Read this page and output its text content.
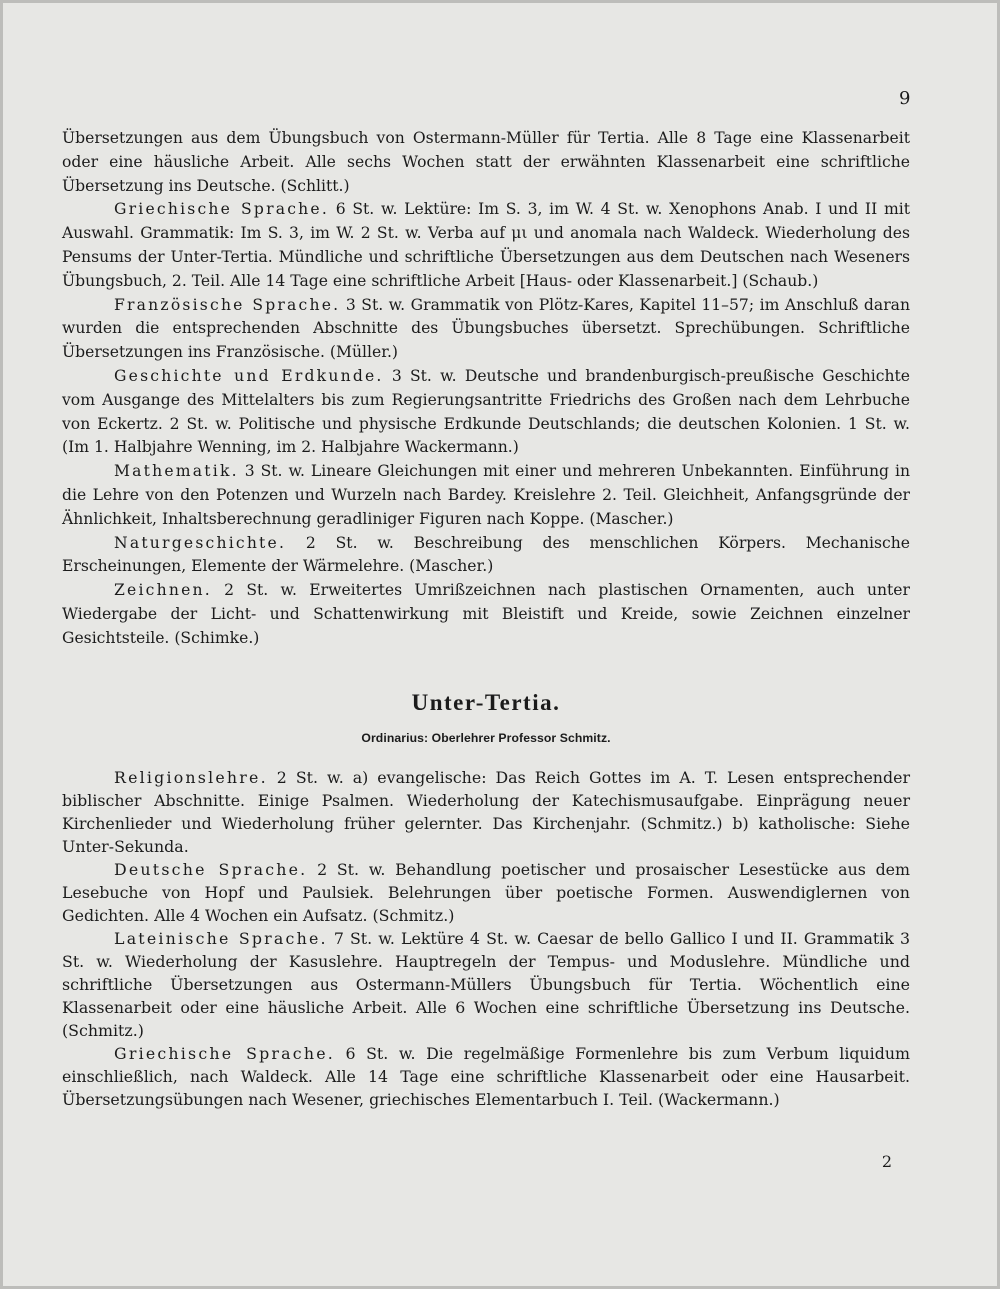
9

Übersetzungen aus dem Übungsbuch von Ostermann-Müller für Tertia. Alle 8 Tage eine Klassenarbeit oder eine häusliche Arbeit. Alle sechs Wochen statt der erwähnten Klassenarbeit eine schriftliche Übersetzung ins Deutsche. (Schlitt.)

Griechische Sprache. 6 St. w. Lektüre: Im S. 3, im W. 4 St. w. Xenophons Anab. I und II mit Auswahl. Grammatik: Im S. 3, im W. 2 St. w. Verba auf μι und anomala nach Waldeck. Wiederholung des Pensums der Unter-Tertia. Mündliche und schriftliche Übersetzungen aus dem Deutschen nach Weseners Übungsbuch, 2. Teil. Alle 14 Tage eine schriftliche Arbeit [Haus- oder Klassenarbeit.] (Schaub.)

Französische Sprache. 3 St. w. Grammatik von Plötz-Kares, Kapitel 11–57; im Anschluß daran wurden die entsprechenden Abschnitte des Übungsbuches übersetzt. Sprechübungen. Schriftliche Übersetzungen ins Französische. (Müller.)

Geschichte und Erdkunde. 3 St. w. Deutsche und brandenburgisch-preußische Geschichte vom Ausgange des Mittelalters bis zum Regierungsantritte Friedrichs des Großen nach dem Lehrbuche von Eckertz. 2 St. w. Politische und physische Erdkunde Deutschlands; die deutschen Kolonien. 1 St. w. (Im 1. Halbjahre Wenning, im 2. Halbjahre Wackermann.)

Mathematik. 3 St. w. Lineare Gleichungen mit einer und mehreren Unbekannten. Einführung in die Lehre von den Potenzen und Wurzeln nach Bardey. Kreislehre 2. Teil. Gleichheit, Anfangsgründe der Ähnlichkeit, Inhaltsberechnung geradliniger Figuren nach Koppe. (Mascher.)

Naturgeschichte. 2 St. w. Beschreibung des menschlichen Körpers. Mechanische Erscheinungen, Elemente der Wärmelehre. (Mascher.)

Zeichnen. 2 St. w. Erweitertes Umrißzeichnen nach plastischen Ornamenten, auch unter Wiedergabe der Licht- und Schattenwirkung mit Bleistift und Kreide, sowie Zeichnen einzelner Gesichtsteile. (Schimke.)

Unter-Tertia.
Ordinarius: Oberlehrer Professor Schmitz.

Religionslehre. 2 St. w. a) evangelische: Das Reich Gottes im A. T. Lesen entsprechender biblischer Abschnitte. Einige Psalmen. Wiederholung der Katechismusaufgabe. Einprägung neuer Kirchenlieder und Wiederholung früher gelernter. Das Kirchenjahr. (Schmitz.) b) katholische: Siehe Unter-Sekunda.

Deutsche Sprache. 2 St. w. Behandlung poetischer und prosaischer Lesestücke aus dem Lesebuche von Hopf und Paulsiek. Belehrungen über poetische Formen. Auswendiglernen von Gedichten. Alle 4 Wochen ein Aufsatz. (Schmitz.)

Lateinische Sprache. 7 St. w. Lektüre 4 St. w. Caesar de bello Gallico I und II. Grammatik 3 St. w. Wiederholung der Kasuslehre. Hauptregeln der Tempus- und Moduslehre. Mündliche und schriftliche Übersetzungen aus Ostermann-Müllers Übungsbuch für Tertia. Wöchentlich eine Klassenarbeit oder eine häusliche Arbeit. Alle 6 Wochen eine schriftliche Übersetzung ins Deutsche. (Schmitz.)

Griechische Sprache. 6 St. w. Die regelmäßige Formenlehre bis zum Verbum liquidum einschließlich, nach Waldeck. Alle 14 Tage eine schriftliche Klassenarbeit oder eine Hausarbeit. Übersetzungsübungen nach Wesener, griechisches Elementarbuch I. Teil. (Wackermann.)

2
